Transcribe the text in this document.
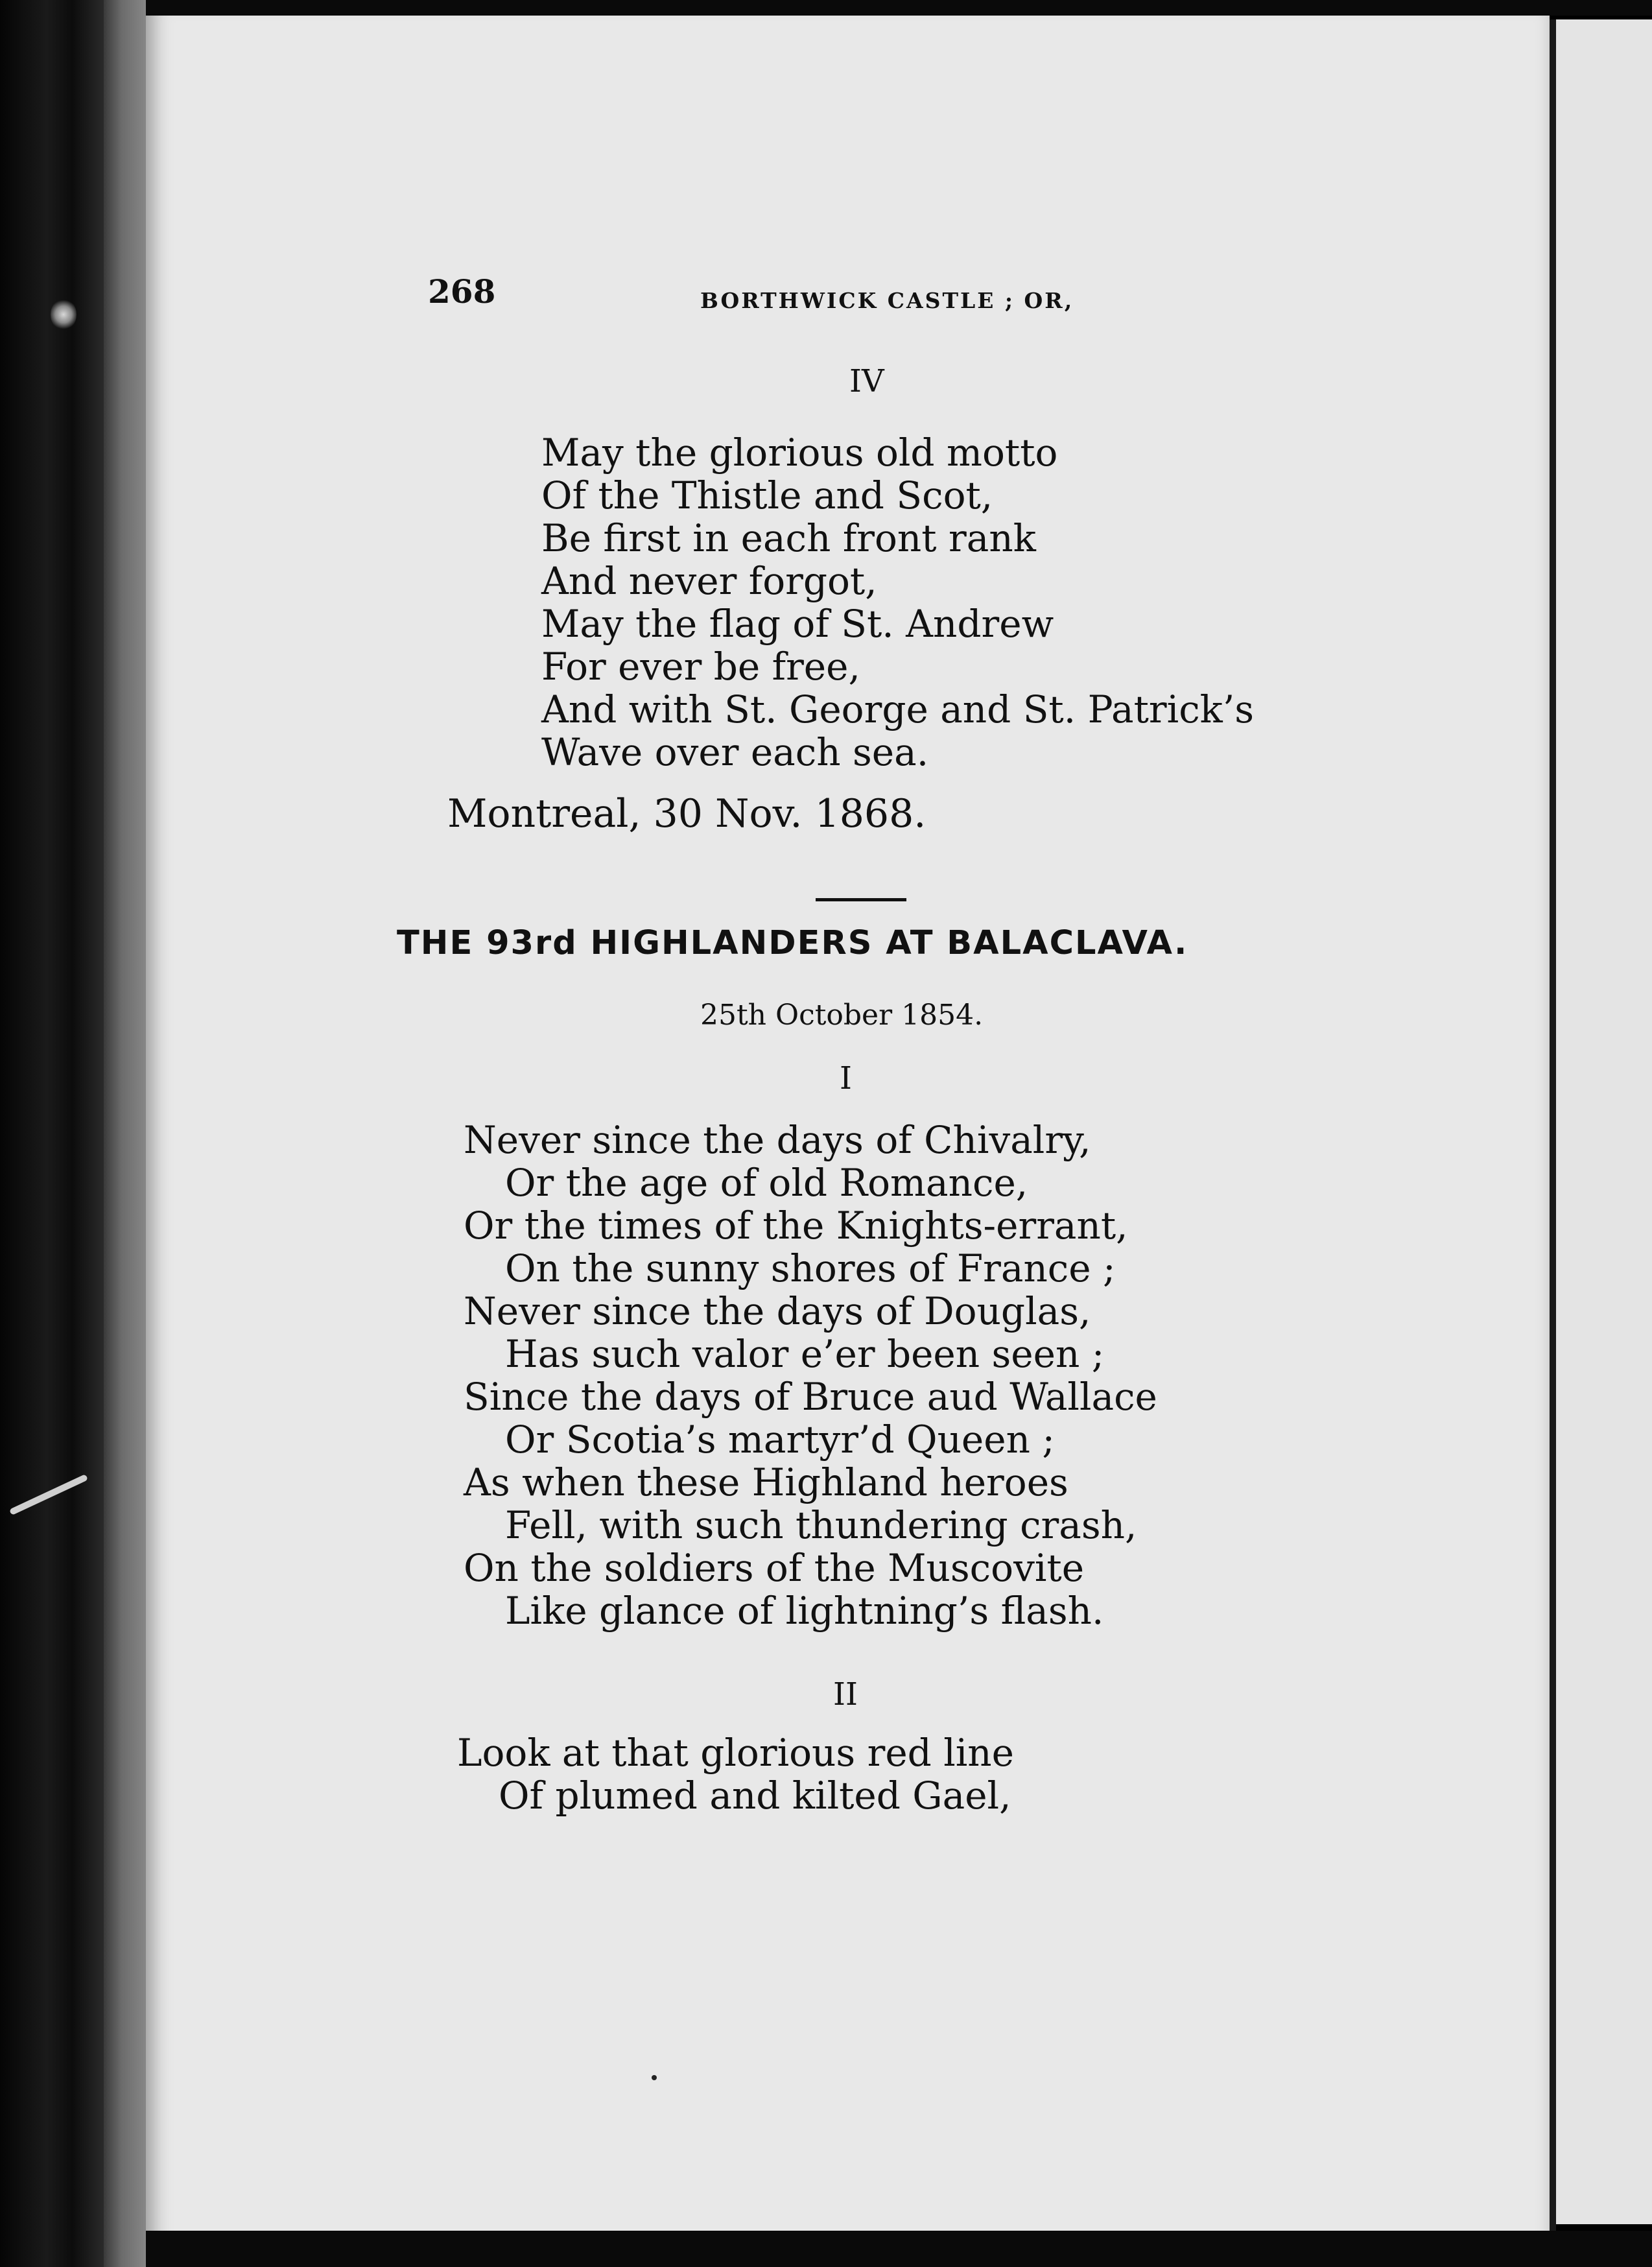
268	BORTHWICK CASTLE ; OR,
IV
May the glorious old motto
Of the Thistle and Scot,
Be first in each front rank
And never forgot,
May the flag of St. Andrew
For ever be free,
And with St. George and St. Patrick’s
Wave over each sea.
Montreal, 30 Nov. 1868.
THE 93rd HIGHLANDERS AT BALACLAVA.
25th October 1854.
I
Never since the days of Chivalry,
Or the age of old Romance,
Or the times of the Knights-errant,
On the sunny shores of France ;
Never since the days of Douglas,
Has such valor e’er been seen ;
Since the days of Bruce aud Wallace
Or Scotia’s martyr’d Queen ;
As when these Highland heroes
Fell, with such thundering crash,
On the soldiers of the Muscovite
Like glance of lightning’s flash.
II
Look at that glorious red line
Of plumed and kilted Gael,
